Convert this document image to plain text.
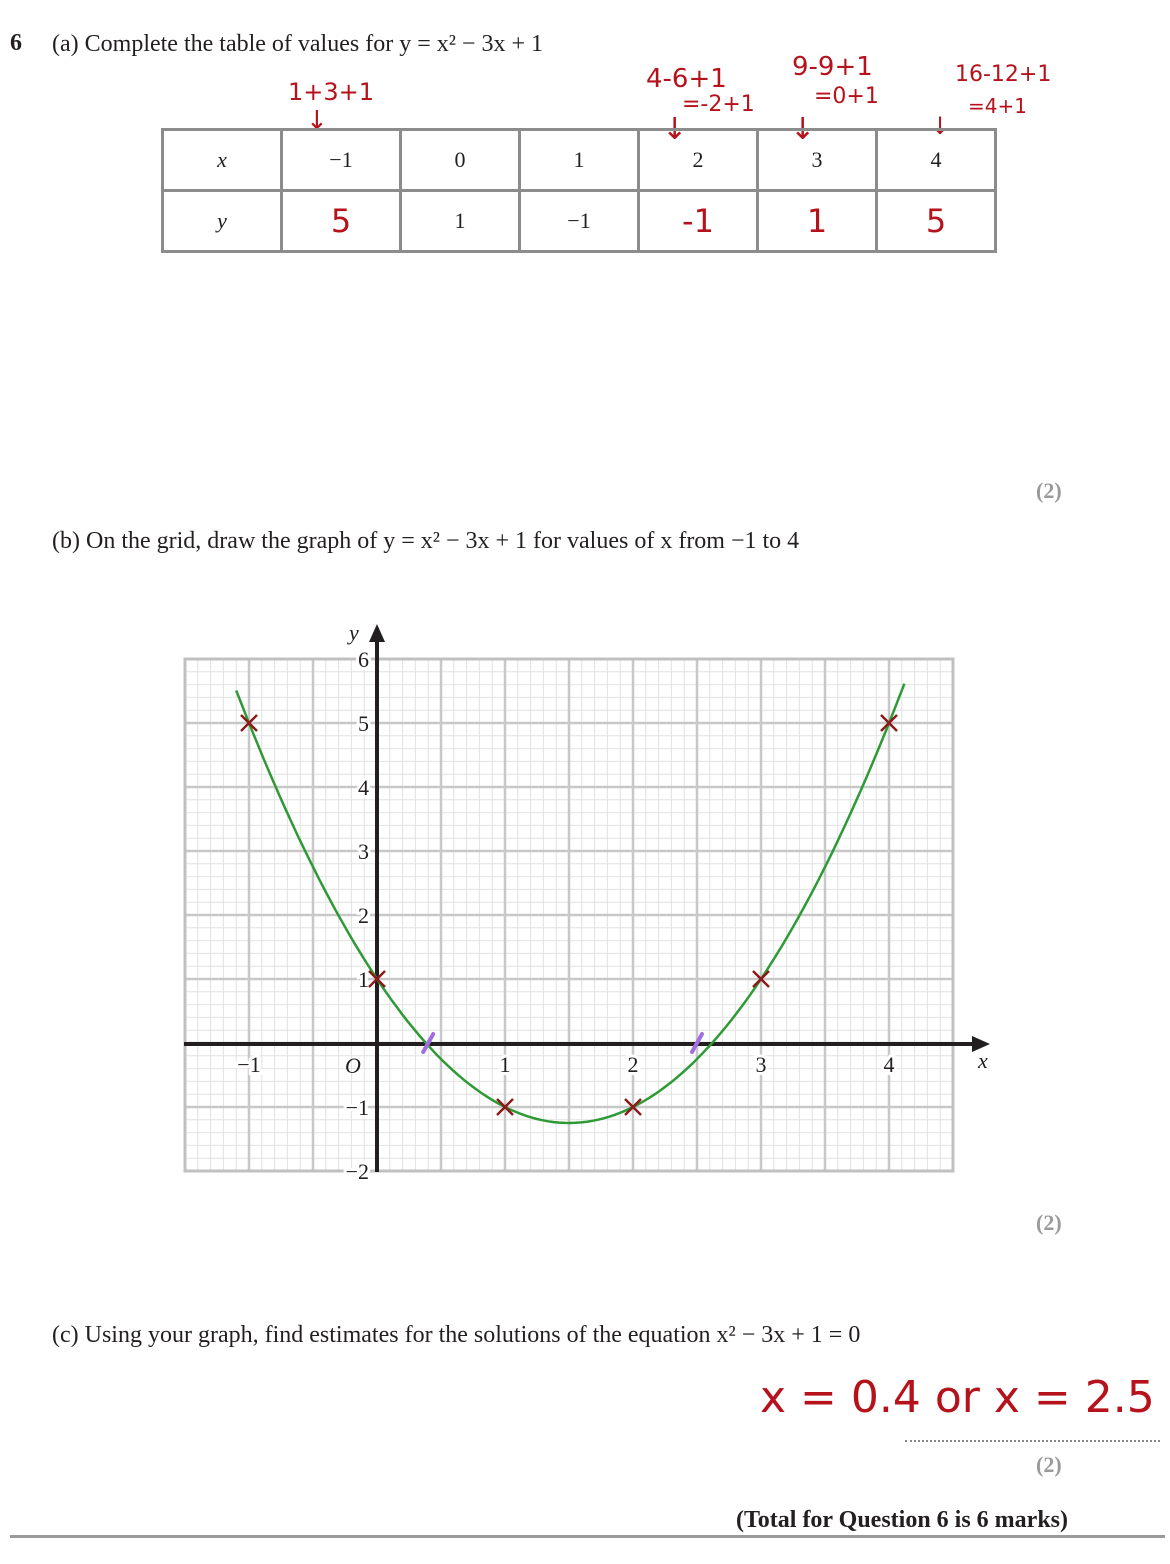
6 (a) Complete the table of values for y = x² − 3x + 1
1+3+1
↓
4-6+1
=-2+1
↓
9-9+1
=0+1
↓
16-12+1
=4+1
↓
x	−1	0	1	2	3	4
y	5	1	−1	-1	1	5
(2)
(b) On the grid, draw the graph of y = x² − 3x + 1 for values of x from −1 to 4
x
y
O
−1	1	2	3	4
−2
−1
1
2
3
4
5
6
(2)
(c) Using your graph, find estimates for the solutions of the equation x² − 3x + 1 = 0
x = 0.4 or x = 2.5
(2)
(Total for Question 6 is 6 marks)
